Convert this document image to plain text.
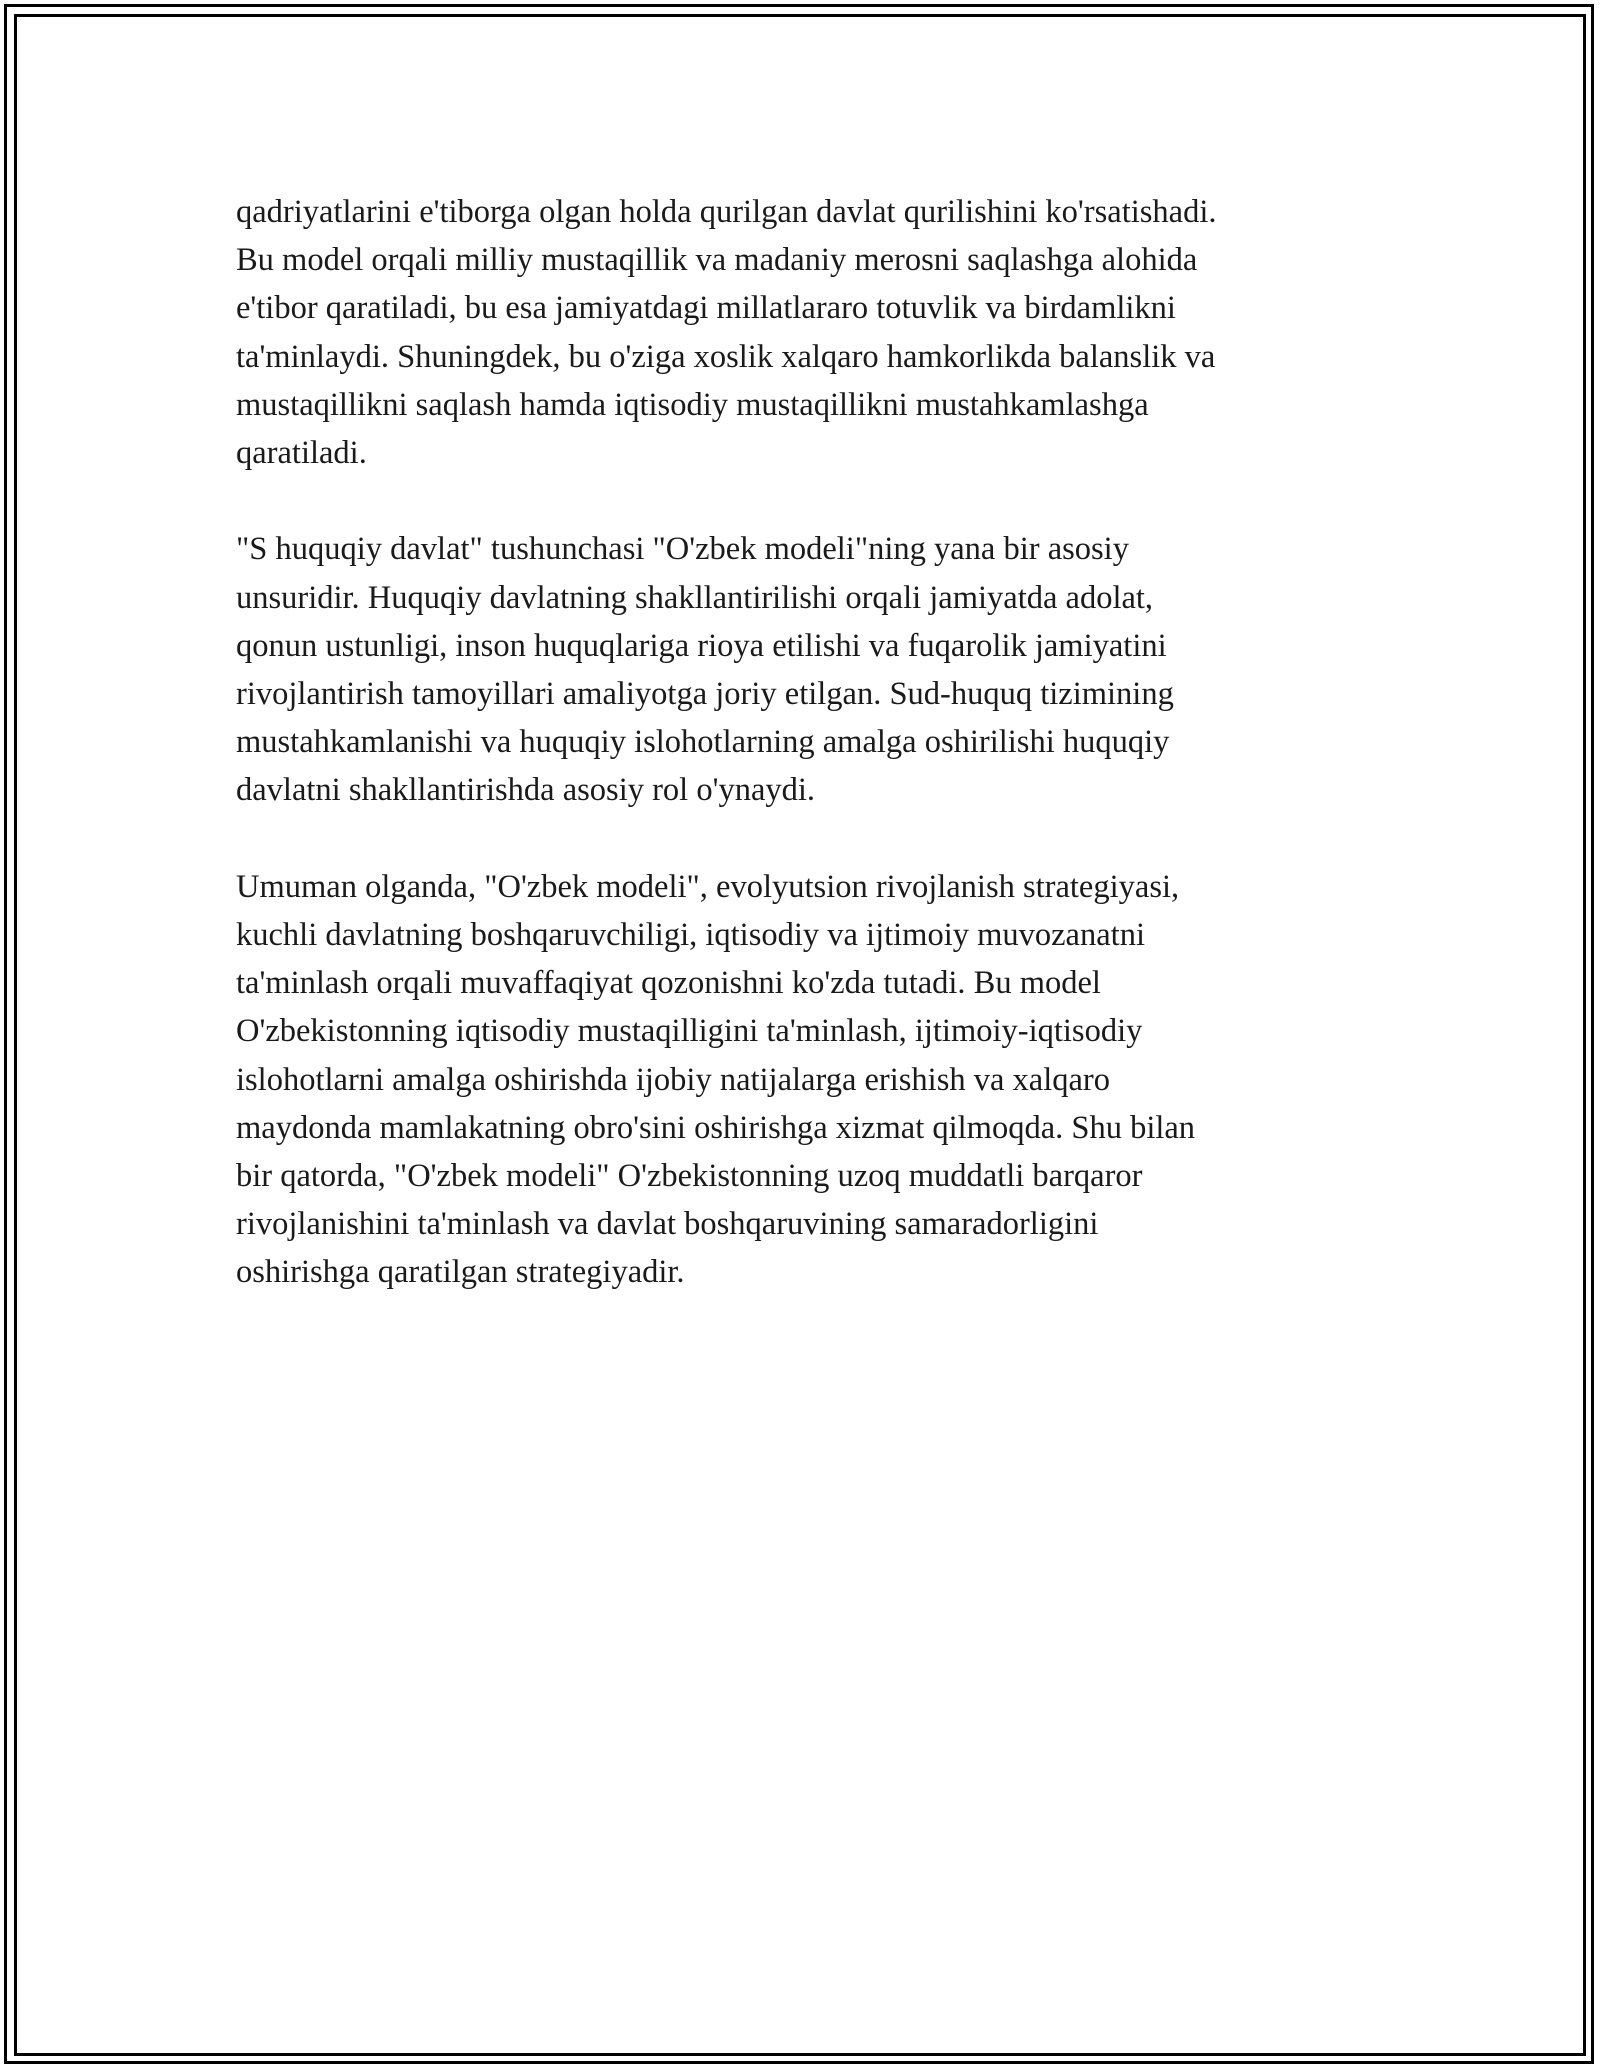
qadriyatlarini e'tiborga olgan holda qurilgan davlat qurilishini ko'rsatishadi.
Bu model orqali milliy mustaqillik va madaniy merosni saqlashga alohida
e'tibor qaratiladi, bu esa jamiyatdagi millatlararo totuvlik va birdamlikni
ta'minlaydi. Shuningdek, bu o'ziga xoslik xalqaro hamkorlikda balanslik va
mustaqillikni saqlash hamda iqtisodiy mustaqillikni mustahkamlashga
qaratiladi.

"S huquqiy davlat" tushunchasi "O'zbek modeli"ning yana bir asosiy
unsuridir. Huquqiy davlatning shakllantirilishi orqali jamiyatda adolat,
qonun ustunligi, inson huquqlariga rioya etilishi va fuqarolik jamiyatini
rivojlantirish tamoyillari amaliyotga joriy etilgan. Sud-huquq tizimining
mustahkamlanishi va huquqiy islohotlarning amalga oshirilishi huquqiy
davlatni shakllantirishda asosiy rol o'ynaydi.

Umuman olganda, "O'zbek modeli", evolyutsion rivojlanish strategiyasi,
kuchli davlatning boshqaruvchiligi, iqtisodiy va ijtimoiy muvozanatni
ta'minlash orqali muvaffaqiyat qozonishni ko'zda tutadi. Bu model
O'zbekistonning iqtisodiy mustaqilligini ta'minlash, ijtimoiy-iqtisodiy
islohotlarni amalga oshirishda ijobiy natijalarga erishish va xalqaro
maydonda mamlakatning obro'sini oshirishga xizmat qilmoqda. Shu bilan
bir qatorda, "O'zbek modeli" O'zbekistonning uzoq muddatli barqaror
rivojlanishini ta'minlash va davlat boshqaruvining samaradorligini
oshirishga qaratilgan strategiyadir.
